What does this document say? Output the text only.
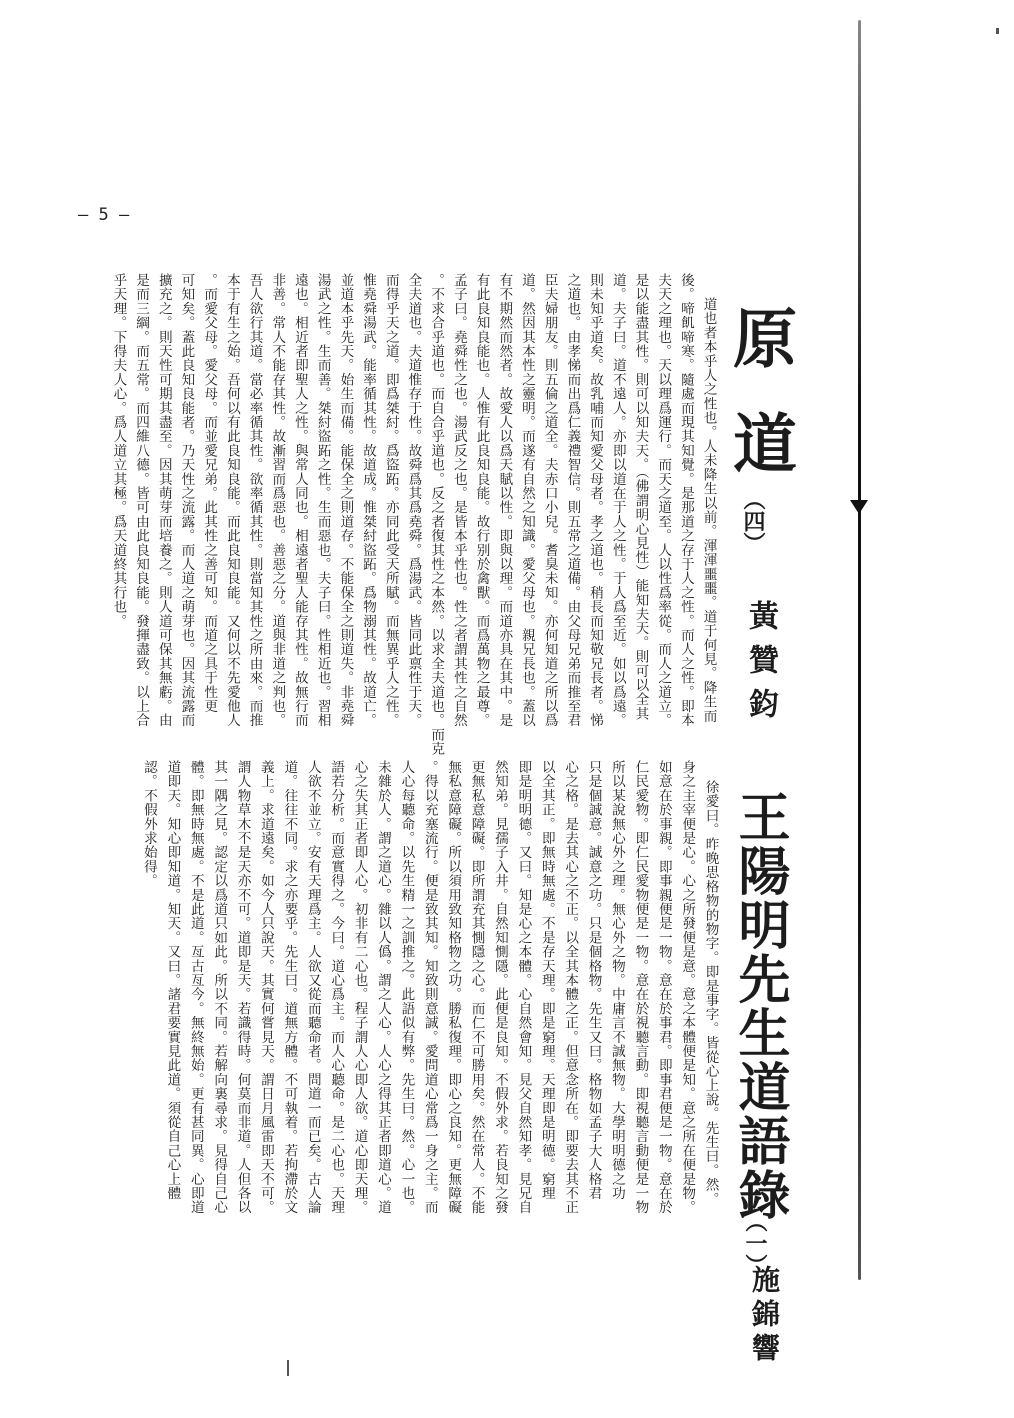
— 5 —
原
道
（四）
黃贊鈞
道也者本乎人之性也。人未降生以前。渾渾噩噩。道于何見。降生而
後。啼飢啼寒。隨處而現其知覺。是那道之存于人之性。而人之性。即本
夫天之理也。天以理爲運行。而天之道至。人以性爲率從。而人之道立。
是以能盡其性。則可以知夫天。（佛謂明心見性）能知夫天。則可以全其
道。夫子曰。道不遠人。亦即以道在于人之性。于人爲至近。如以爲遠。
則未知乎道矣。故乳哺而知愛父母者。孝之道也。稍長而知敬兄長者。悌
之道也。由孝悌而出爲仁義禮智信。則五常之道備。由父母兄弟而推至君
臣夫婦朋友。則五倫之道全。夫赤口小兒。耆臭未知。亦何知道之所以爲
道。然因其本性之靈明。而遂有自然之知識。愛父母也。親兄長也。蓋以
有不期然而然者。故愛人以爲天賦以性。即與以理。而道亦具在其中。是
有此良知良能也。人惟有此良知良能。故行别於禽獸。而爲萬物之最尊。
孟子曰。堯舜性之也。湯武反之也。是皆本乎性也。性之者謂其性之自然
。不求合乎道也。而自合乎道也。反之者復其性之本然。以求全夫道也。而克
全夫道也。夫道惟存于性。故舜爲其爲堯舜。爲湯武。皆同此禀性于天。
而得乎天之道。即爲桀紂。爲盜跖。亦同此受天所賦。而無異乎人之性。
惟堯舜湯武。能率循其性。故道成。惟桀紂盜跖。爲物溺其性。故道亡。
並道本乎先天。始生而備。能保全之則道存。不能保全之則道失。非堯舜
湯武之性。生而善。桀紂盜跖之性。生而惡也。夫子曰。性相近也。習相
遠也。相近者即聖人之性。與常人同也。相遠者聖人能存其性。故無行而
非善。常人不能存其性。故漸習而爲惡也。善惡之分。道與非道之判也。
吾人欲行其道。當必率循其性。欲率循其性。則當知其性之所由來。而推
本于有生之始。吾何以有此良知良能。而此良知良能。又何以不先愛他人
。而愛父母。愛父母。而並愛兄弟。此其性之善可知。而道之具于性更
可知矣。蓋此良知良能者。乃天性之流露。而人道之萌芽也。因其流露而
擴充之。則天性可期其盡至。因其萌芽而培養之。則人道可保其無虧。由
是而三綱。而五常。而四維八德。皆可由此良知良能。發揮盡致。以上合
乎天理。下得夫人心。爲人道立其極。爲天道終其行也。
王陽明先生道語錄
（一）
施錦響
徐愛曰。昨晚思格物的物字。即是事字。皆從心上說。先生曰。然。
身之主宰便是心。心之所發便是意。意之本體便是知。意之所在便是物。
如意在於事親。即事親便是一物。意在於事君。即事君便是一物。意在於
仁民愛物。即仁民愛物便是一物。意在於視聽言動。即視聽言動便是一物
所以某說無心外之理。無心外之物。中庸言不誠無物。大學明明德之功
只是個誠意。誠意之功。只是個格物。先生又曰。格物如孟子大人格君
心之格。是去其心之不正。以全其本體之正。但意念所在。即要去其不正
以全其正。即無時無處。不是存天理。即是窮理。天理即是明德。窮理
即是明明德。又曰。知是心之本體。心自然會知。見父自然知孝。見兄自
然知弟。見孺子入井。自然知惻隱。此便是良知。不假外求。若良知之發
更無私意障礙。即所謂充其惻隱之心。而仁不可勝用矣。然在常人。不能
無私意障礙。所以須用致知格物之功。勝私復理。即心之良知。更無障礙
。得以充塞流行。便是致其知。知致則意誠。愛問道心常爲一身之主。而
人心每聽命。以先生精一之訓推之。此語似有弊。先生曰。然。心一也。
未雜於人。謂之道心。雜以人僞。謂之人心。人心之得其正者即道心。道
心之失其正者即人心。初非有二心也。程子謂人心即人欲。道心即天理。
語若分析。而意實得之。今曰。道心爲主。而人心聽命。是二心也。天理
人欲不並立。安有天理爲主。人欲又從而聽命者。問道一而已矣。古人論
道。往往不同。求之亦要乎。先生曰。道無方體。不可執着。若拘滯於文
義上。求道遠矣。如今人只說天。其實何嘗見天。謂日月風雷即天不可。
謂人物草木不是天亦不可。道即是天。若識得時。何莫而非道。人但各以
其一隅之見。認定以爲道只如此。所以不同。若解向裏尋求。見得自己心
體。即無時無處。不是此道。亙古亙今。無終無始。更有甚同異。心即道
道即天。知心即知道。知天。又曰。諸君要實見此道。須從自己心上體
認。不假外求始得。
